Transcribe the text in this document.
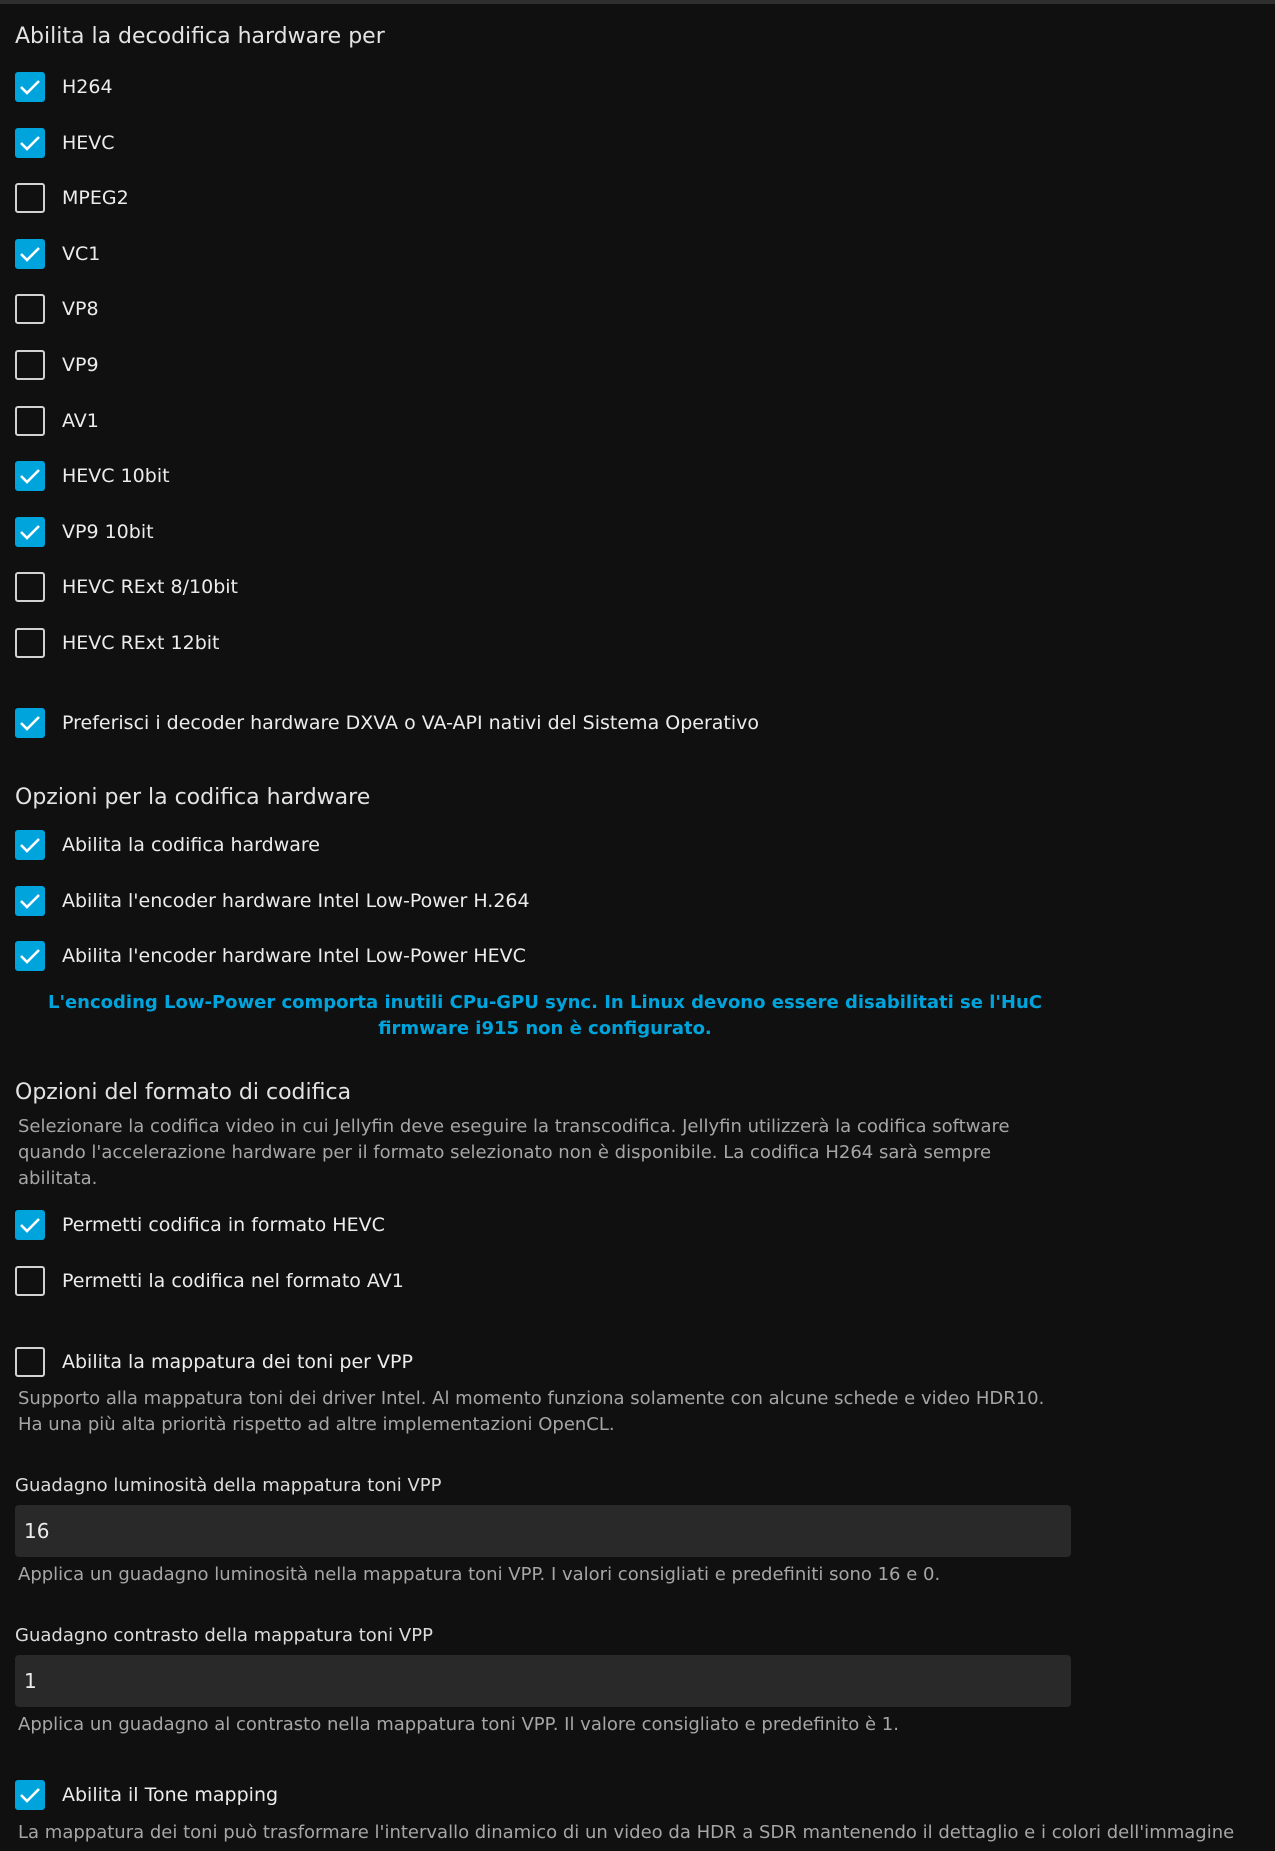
Abilita la decodifica hardware per
H264
HEVC
MPEG2
VC1
VP8
VP9
AV1
HEVC 10bit
VP9 10bit
HEVC RExt 8/10bit
HEVC RExt 12bit
Preferisci i decoder hardware DXVA o VA-API nativi del Sistema Operativo
Opzioni per la codifica hardware
Abilita la codifica hardware
Abilita l'encoder hardware Intel Low-Power H.264
Abilita l'encoder hardware Intel Low-Power HEVC
L'encoding Low-Power comporta inutili CPu-GPU sync. In Linux devono essere disabilitati se l'HuC firmware i915 non è configurato.
Opzioni del formato di codifica
Selezionare la codifica video in cui Jellyfin deve eseguire la transcodifica. Jellyfin utilizzerà la codifica software quando l'accelerazione hardware per il formato selezionato non è disponibile. La codifica H264 sarà sempre abilitata.
Permetti codifica in formato HEVC
Permetti la codifica nel formato AV1
Abilita la mappatura dei toni per VPP
Supporto alla mappatura toni dei driver Intel. Al momento funziona solamente con alcune schede e video HDR10. Ha una più alta priorità rispetto ad altre implementazioni OpenCL.
Guadagno luminosità della mappatura toni VPP
16
Applica un guadagno luminosità nella mappatura toni VPP. I valori consigliati e predefiniti sono 16 e 0.
Guadagno contrasto della mappatura toni VPP
1
Applica un guadagno al contrasto nella mappatura toni VPP. Il valore consigliato e predefinito è 1.
Abilita il Tone mapping
La mappatura dei toni può trasformare l'intervallo dinamico di un video da HDR a SDR mantenendo il dettaglio e i colori dell'immagine
